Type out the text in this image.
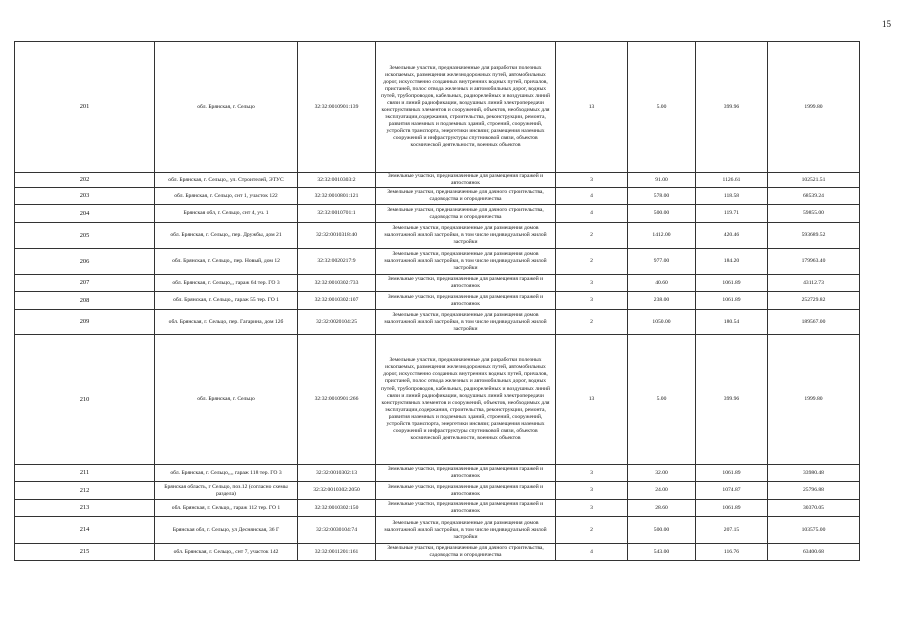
15
201	обл. Брянская, г. Сельцо	32:32:0010901:139	Земельные участки, предназначенные для разработки полезных ископаемых, размещения железнодорожных путей, автомобильных дорог, искусственно созданных внутренних водных путей, причалов, пристаней, полос отвода железных и автомобильных дорог, водных путей, трубопроводов, кабельных, радиорелейных и воздушных линий связи и линий радиофикации, воздушных линий электропередачи конструктивных элементов и сооружений, объектов, необходимых для эксплуатации,содержания, строительства, реконструкции, ремонта, развития наземных и подземных зданий, строений, сооружений, устройств транспорта, энергетики инсвязи; размещения наземных сооружений и инфраструктуры спутниковой связи, объектов космической деятельности, военных объектов	13	5.00	399.96	1999.80
202	обл. Брянская, г. Сельцо,, ул. Строителей, ЭТУС	32:32:0010303:2	Земельные участки, предназначенные для размещения гаражей и автостоянок	3	91.00	1126.61	102521.51
203	обл. Брянская, г. Сельцо, снт 1, участок 122	32:32:0010801:121	Земельные участки, предназначенные для дачного строительства, садоводства и огородничества	4	578.00	118.58	68539.24
204	Брянская обл, г. Сельцо, снт 4, уч. 1	32:32:0010701:1	Земельные участки, предназначенные для дачного строительства, садоводства и огородничества	4	500.00	119.71	59855.00
205	обл. Брянская, г. Сельцо,, пер. Дружбы, дом 21	32:32:0010318:40	Земельные участки, предназначенные для размещения домов малоэтажной жилой застройки, в том числе индивидуальной жилой застройки	2	1412.00	420.46	593689.52
206	обл. Брянская, г. Сельцо,, пер. Новый, дом 12	32:32:0020217:9	Земельные участки, предназначенные для размещения домов малоэтажной жилой застройки, в том числе индивидуальной жилой застройки	2	977.00	184.20	179963.40
207	обл. Брянская, г. Сельцо,,, гараж 64 тер. ГО 3	32:32:0010302:733	Земельные участки, предназначенные для размещения гаражей и автостоянок	3	40.60	1061.89	43112.73
208	обл. Брянская, г. Сельцо,, гараж 55 тер. ГО 1	32:32:0010302:107	Земельные участки, предназначенные для размещения гаражей и автостоянок	3	238.00	1061.89	252729.82
209	обл. Брянская, г. Сельцо, пер. Гагарина, дом 12б	32:32:0020104:25	Земельные участки, предназначенные для размещения домов малоэтажной жилой застройки, в том числе индивидуальной жилой застройки	2	1050.00	180.54	189567.00
210	обл. Брянская, г. Сельцо	32:32:0010901:266	Земельные участки, предназначенные для разработки полезных ископаемых, размещения железнодорожных путей, автомобильных дорог, искусственно созданных внутренних водных путей, причалов, пристаней, полос отвода железных и автомобильных дорог, водных путей, трубопроводов, кабельных, радиорелейных и воздушных линий связи и линий радиофикации, воздушных линий электропередачи конструктивных элементов и сооружений, объектов, необходимых для эксплуатации,содержания, строительства, реконструкции, ремонта, развития наземных и подземных зданий, строений, сооружений, устройств транспорта, энергетики инсвязи; размещения наземных сооружений и инфраструктуры спутниковой связи, объектов космической деятельности, военных объектов	13	5.00	399.96	1999.80
211	обл. Брянская, г. Сельцо,,,, гараж 118 тер. ГО 3	32:32:0010302:13	Земельные участки, предназначенные для размещения гаражей и автостоянок	3	32.00	1061.89	33980.48
212	Брянская область, г Сельцо, поз.12 (согласно схемы раздела)	32:32:0010302:2050	Земельные участки, предназначенные для размещения гаражей и автостоянок	3	24.00	1074.87	25796.88
213	обл. Брянская, г. Сельцо,, гараж 112 тер. ГО 1	32:32:0010302:150	Земельные участки, предназначенные для размещения гаражей и автостоянок	3	28.60	1061.89	30370.05
214	Брянская обл, г. Сельцо, ул Деснянская, 36 Г	32:32:0030104:74	Земельные участки, предназначенные для размещения домов малоэтажной жилой застройки, в том числе индивидуальной жилой застройки	2	500.00	207.15	103575.00
215	обл. Брянская, г. Сельцо,, снт 7, участок 142	32:32:0011201:161	Земельные участки, предназначенные для дачного строительства, садоводства и огородничества	4	543.00	116.76	63400.68
